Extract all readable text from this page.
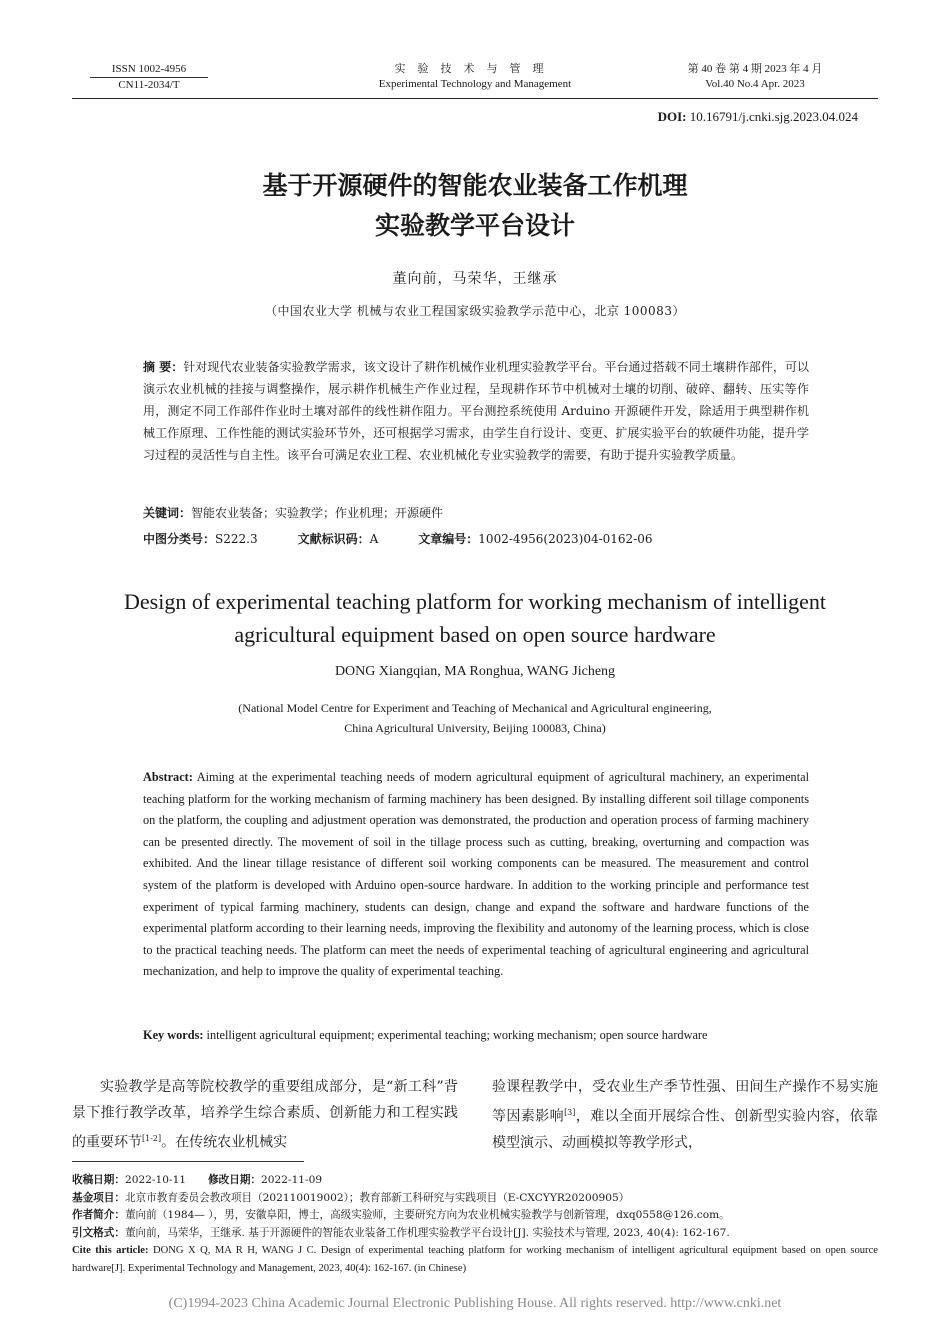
ISSN 1002-4956
CN11-2034/T
实验技术与管理
Experimental Technology and Management
第 40 卷 第 4 期 2023 年 4 月
Vol.40 No.4 Apr. 2023
DOI: 10.16791/j.cnki.sjg.2023.04.024
基于开源硬件的智能农业装备工作机理
实验教学平台设计
董向前，马荣华，王继承
（中国农业大学 机械与农业工程国家级实验教学示范中心，北京 100083）
摘 要：针对现代农业装备实验教学需求，该文设计了耕作机械作业机理实验教学平台。平台通过搭载不同土壤耕作部件，可以演示农业机械的挂接与调整操作，展示耕作机械生产作业过程，呈现耕作环节中机械对土壤的切削、破碎、翻转、压实等作用，测定不同工作部件作业时土壤对部件的线性耕作阻力。平台测控系统使用 Arduino 开源硬件开发，除适用于典型耕作机械工作原理、工作性能的测试实验环节外，还可根据学习需求，由学生自行设计、变更、扩展实验平台的软硬件功能，提升学习过程的灵活性与自主性。该平台可满足农业工程、农业机械化专业实验教学的需要，有助于提升实验教学质量。
关键词：智能农业装备；实验教学；作业机理；开源硬件
中图分类号：S222.3	文献标识码：A	文章编号：1002-4956(2023)04-0162-06
Design of experimental teaching platform for working mechanism of intelligent agricultural equipment based on open source hardware
DONG Xiangqian, MA Ronghua, WANG Jicheng
(National Model Centre for Experiment and Teaching of Mechanical and Agricultural engineering,
China Agricultural University, Beijing 100083, China)
Abstract: Aiming at the experimental teaching needs of modern agricultural equipment of agricultural machinery, an experimental teaching platform for the working mechanism of farming machinery has been designed. By installing different soil tillage components on the platform, the coupling and adjustment operation was demonstrated, the production and operation process of farming machinery can be presented directly. The movement of soil in the tillage process such as cutting, breaking, overturning and compaction was exhibited. And the linear tillage resistance of different soil working components can be measured. The measurement and control system of the platform is developed with Arduino open-source hardware. In addition to the working principle and performance test experiment of typical farming machinery, students can design, change and expand the software and hardware functions of the experimental platform according to their learning needs, improving the flexibility and autonomy of the learning process, which is close to the practical teaching needs. The platform can meet the needs of experimental teaching of agricultural engineering and agricultural mechanization, and help to improve the quality of experimental teaching.
Key words: intelligent agricultural equipment; experimental teaching; working mechanism; open source hardware
实验教学是高等院校教学的重要组成部分，是“新工科”背景下推行教学改革，培养学生综合素质、创新能力和工程实践的重要环节[1-2]。在传统农业机械实
验课程教学中，受农业生产季节性强、田间生产操作不易实施等因素影响[3]，难以全面开展综合性、创新型实验内容，依靠模型演示、动画模拟等教学形式，
收稿日期：2022-10-11 修改日期：2022-11-09
基金项目：北京市教育委员会教改项目（202110019002）；教育部新工科研究与实践项目（E-CXCYYR20200905）
作者简介：董向前（1984— ），男，安徽阜阳，博士，高级实验师，主要研究方向为农业机械实验教学与创新管理，dxq0558@126.com。
引文格式：董向前，马荣华，王继承. 基于开源硬件的智能农业装备工作机理实验教学平台设计[J]. 实验技术与管理, 2023, 40(4): 162-167.
Cite this article: DONG X Q, MA R H, WANG J C. Design of experimental teaching platform for working mechanism of intelligent agricultural equipment based on open source hardware[J]. Experimental Technology and Management, 2023, 40(4): 162-167. (in Chinese)
(C)1994-2023 China Academic Journal Electronic Publishing House. All rights reserved. http://www.cnki.net
